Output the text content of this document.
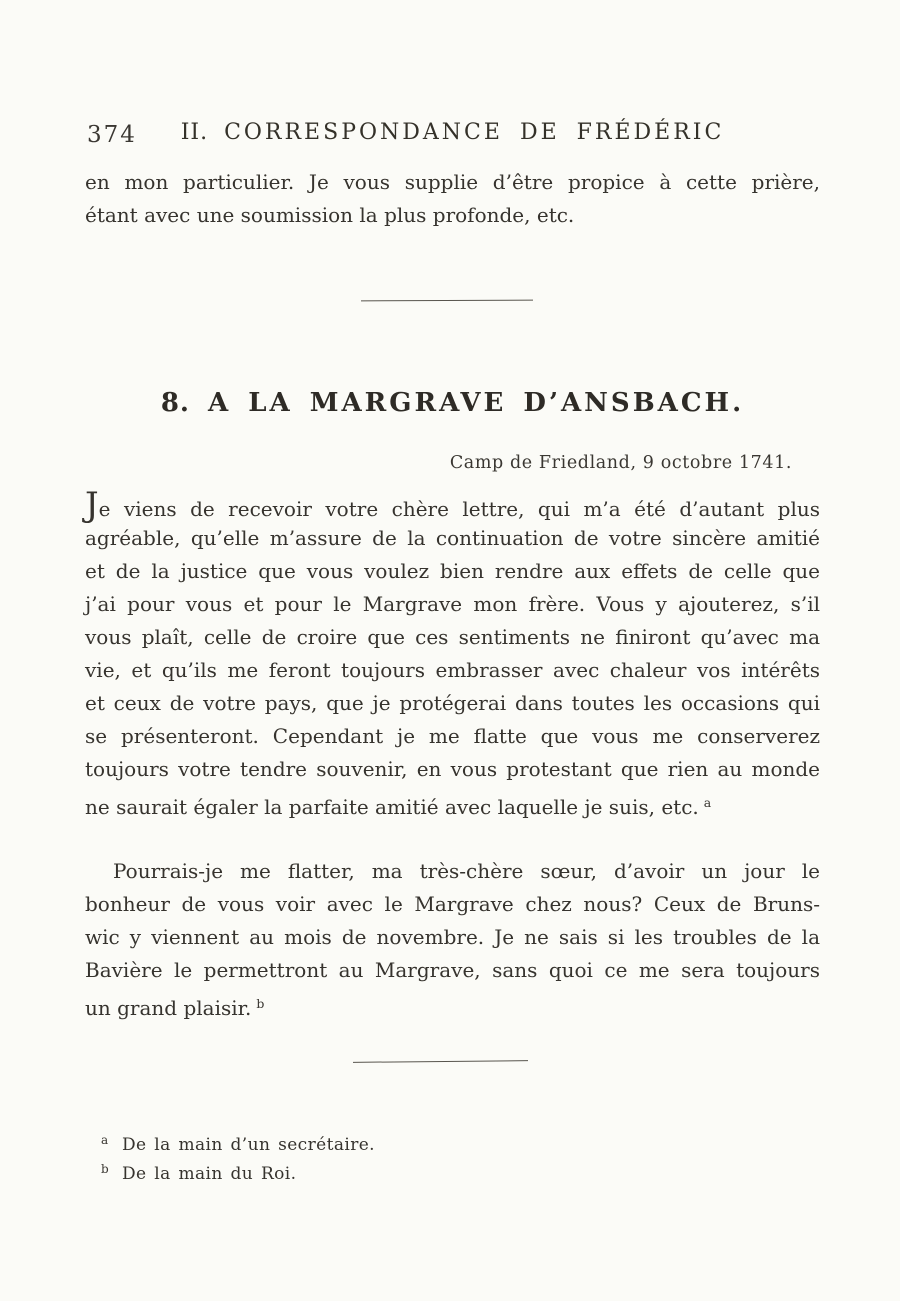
374	II. CORRESPONDANCE DE FRÉDÉRIC
en mon particulier. Je vous supplie d’être propice à cette prière,
étant avec une soumission la plus profonde, etc.
8. A LA MARGRAVE D’ANSBACH.
Camp de Friedland, 9 octobre 1741.
Je viens de recevoir votre chère lettre, qui m’a été d’autant plus
agréable, qu’elle m’assure de la continuation de votre sincère amitié
et de la justice que vous voulez bien rendre aux effets de celle que
j’ai pour vous et pour le Margrave mon frère. Vous y ajouterez, s’il
vous plaît, celle de croire que ces sentiments ne finiront qu’avec ma
vie, et qu’ils me feront toujours embrasser avec chaleur vos intérêts
et ceux de votre pays, que je protégerai dans toutes les occasions qui
se présenteront. Cependant je me flatte que vous me conserverez
toujours votre tendre souvenir, en vous protestant que rien au monde
ne saurait égaler la parfaite amitié avec laquelle je suis, etc. $^a$
Pourrais-je me flatter, ma très-chère sœur, d’avoir un jour le
bonheur de vous voir avec le Margrave chez nous? Ceux de Bruns-
wic y viennent au mois de novembre. Je ne sais si les troubles de la
Bavière le permettront au Margrave, sans quoi ce me sera toujours
un grand plaisir. $^b$
$^a$ De la main d’un secrétaire.
$^b$ De la main du Roi.
